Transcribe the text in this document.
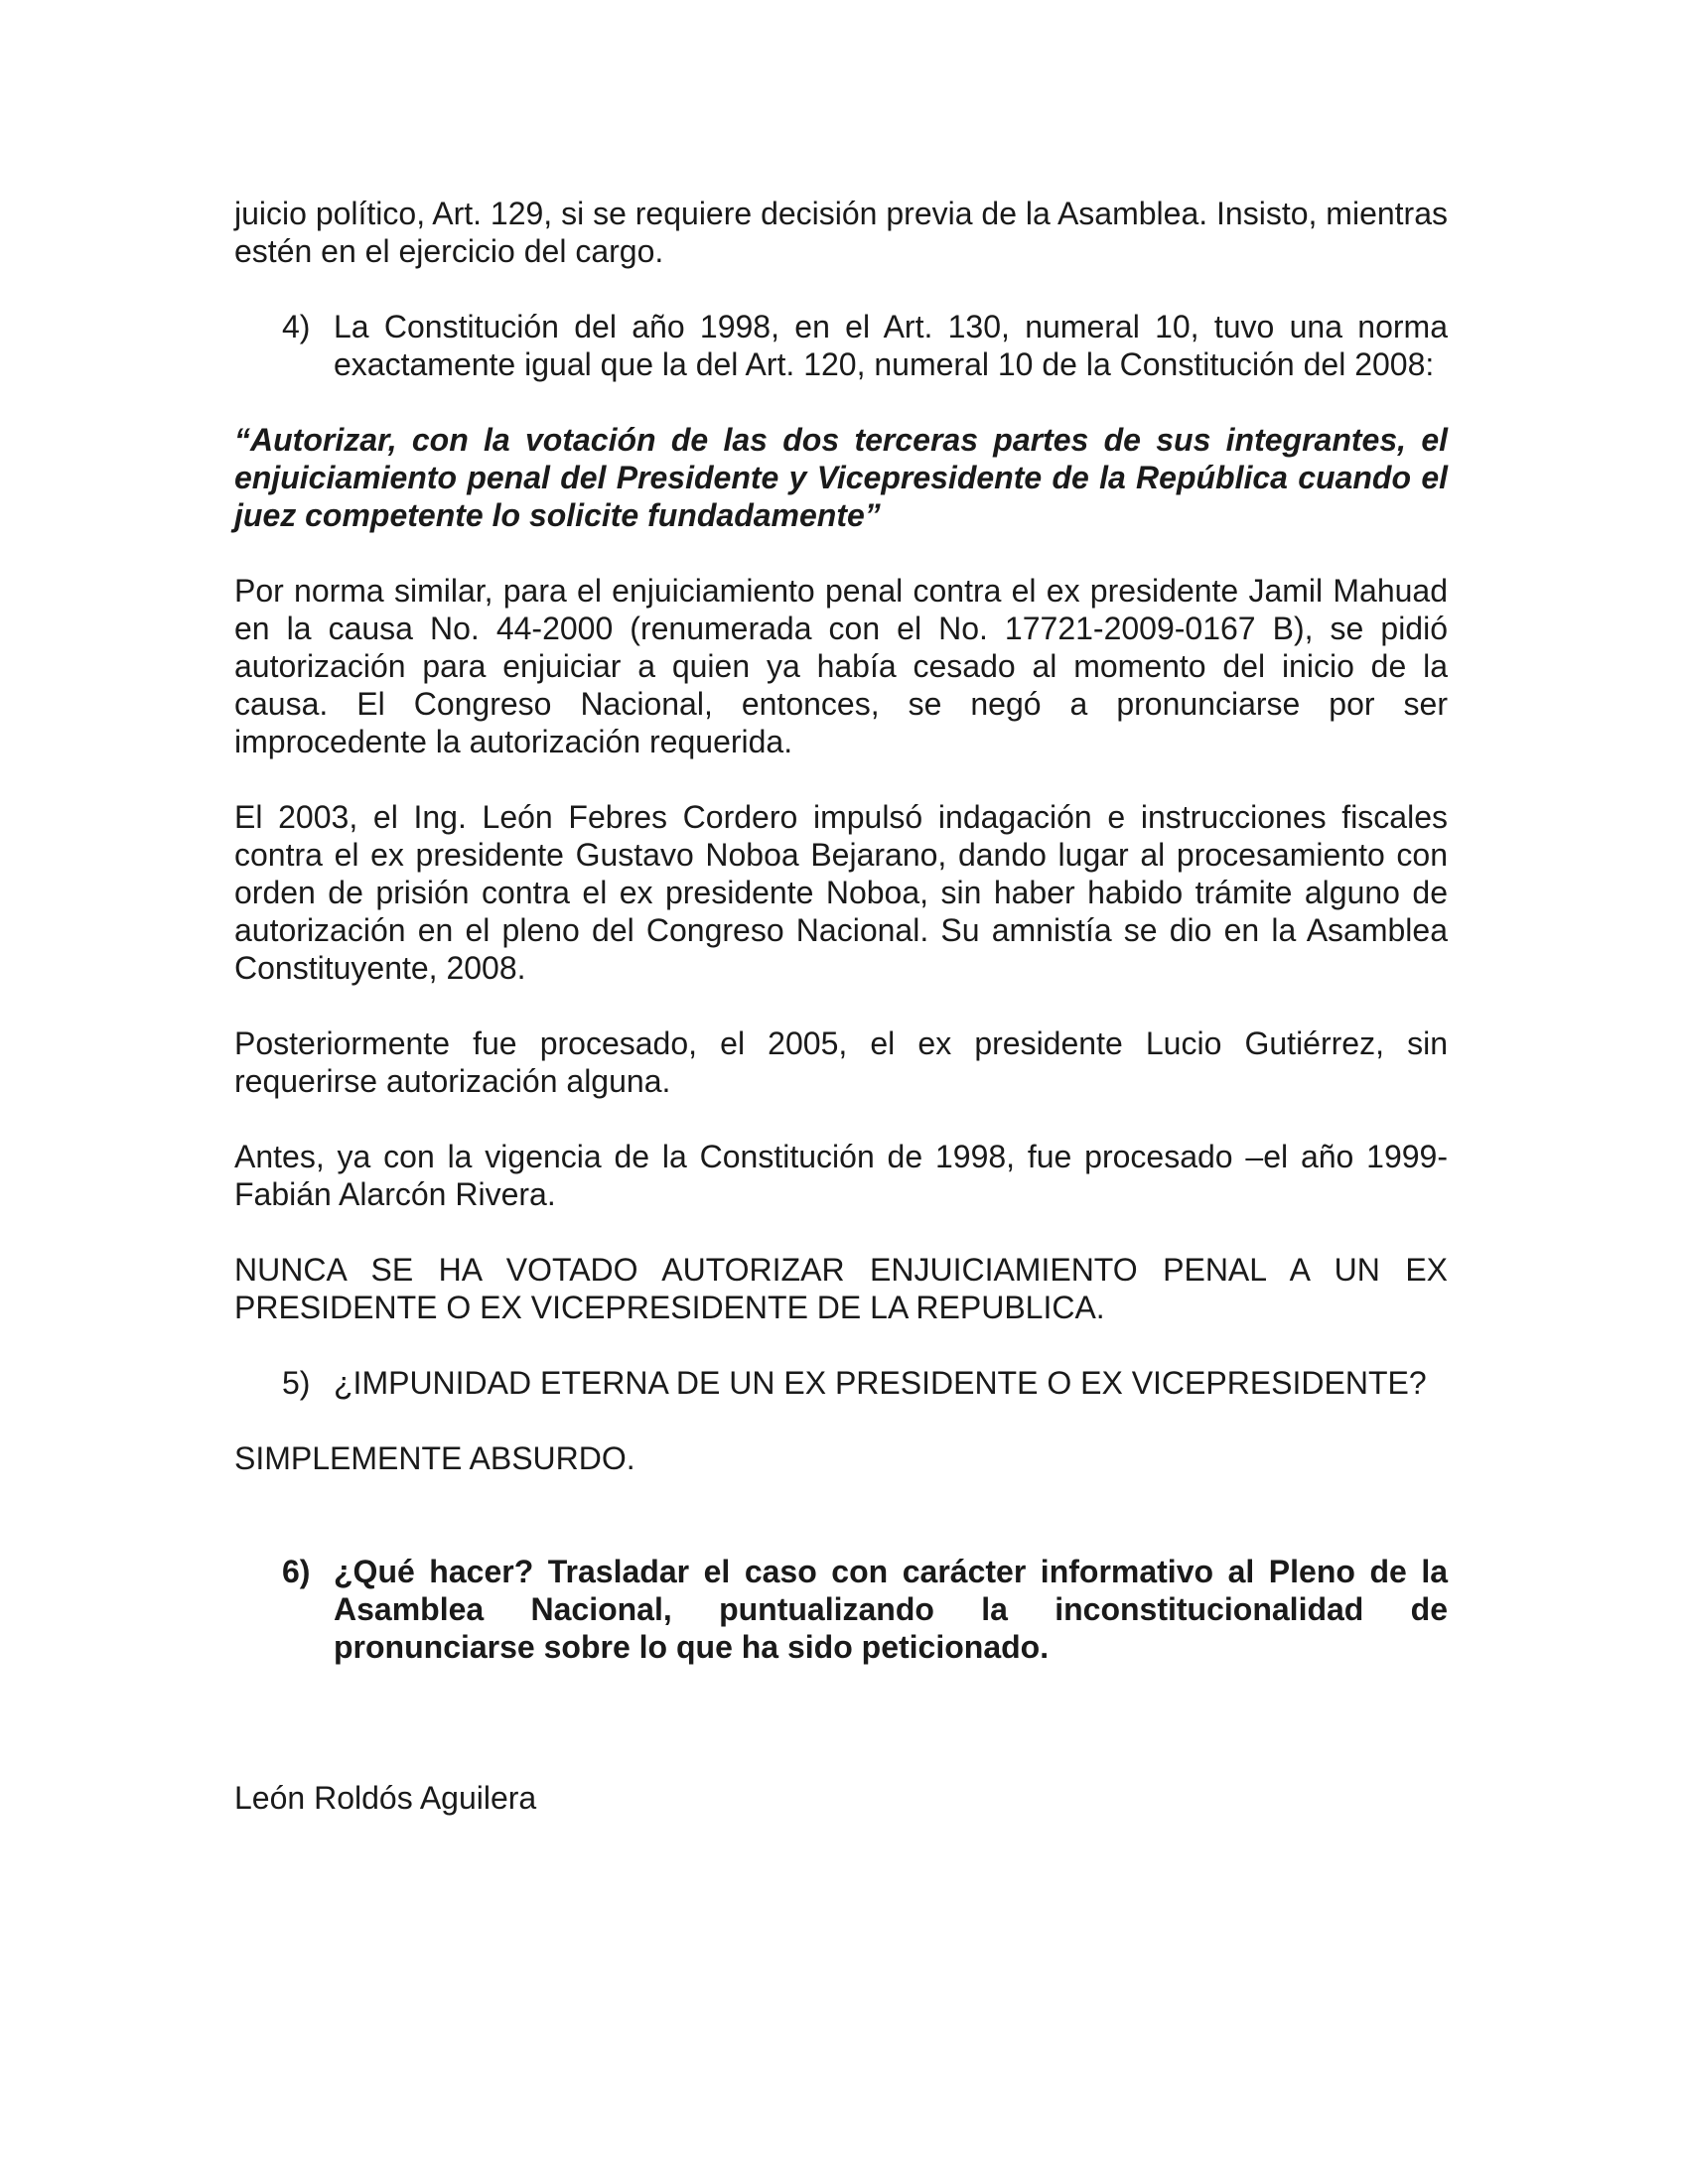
juicio político, Art. 129, si se requiere decisión previa de la Asamblea. Insisto, mientras estén en el ejercicio del cargo.

4) La Constitución del año 1998, en el Art. 130, numeral 10, tuvo una norma exactamente igual que la del Art. 120, numeral 10 de la Constitución del 2008:

“Autorizar, con la votación de las dos terceras partes de sus integrantes, el enjuiciamiento penal del Presidente y Vicepresidente de la República cuando el juez competente lo solicite fundadamente”

Por norma similar, para el enjuiciamiento penal contra el ex presidente Jamil Mahuad en la causa No. 44-2000 (renumerada con el No. 17721-2009-0167 B), se pidió autorización para enjuiciar a quien ya había cesado al momento del inicio de la causa. El Congreso Nacional, entonces, se negó a pronunciarse por ser improcedente la autorización requerida.

El 2003, el Ing. León Febres Cordero impulsó indagación e instrucciones fiscales contra el ex presidente Gustavo Noboa Bejarano, dando lugar al procesamiento con orden de prisión contra el ex presidente Noboa, sin haber habido trámite alguno de autorización en el pleno del Congreso Nacional. Su amnistía se dio en la Asamblea Constituyente, 2008.

Posteriormente fue procesado, el 2005, el ex presidente Lucio Gutiérrez, sin requerirse autorización alguna.

Antes, ya con la vigencia de la Constitución de 1998, fue procesado –el año 1999- Fabián Alarcón Rivera.

NUNCA SE HA VOTADO AUTORIZAR ENJUICIAMIENTO PENAL A UN EX PRESIDENTE O EX VICEPRESIDENTE DE LA REPUBLICA.

5) ¿IMPUNIDAD ETERNA DE UN EX PRESIDENTE O EX VICEPRESIDENTE?

SIMPLEMENTE ABSURDO.

6) ¿Qué hacer? Trasladar el caso con carácter informativo al Pleno de la Asamblea Nacional, puntualizando la inconstitucionalidad de pronunciarse sobre lo que ha sido peticionado.

León Roldós Aguilera
